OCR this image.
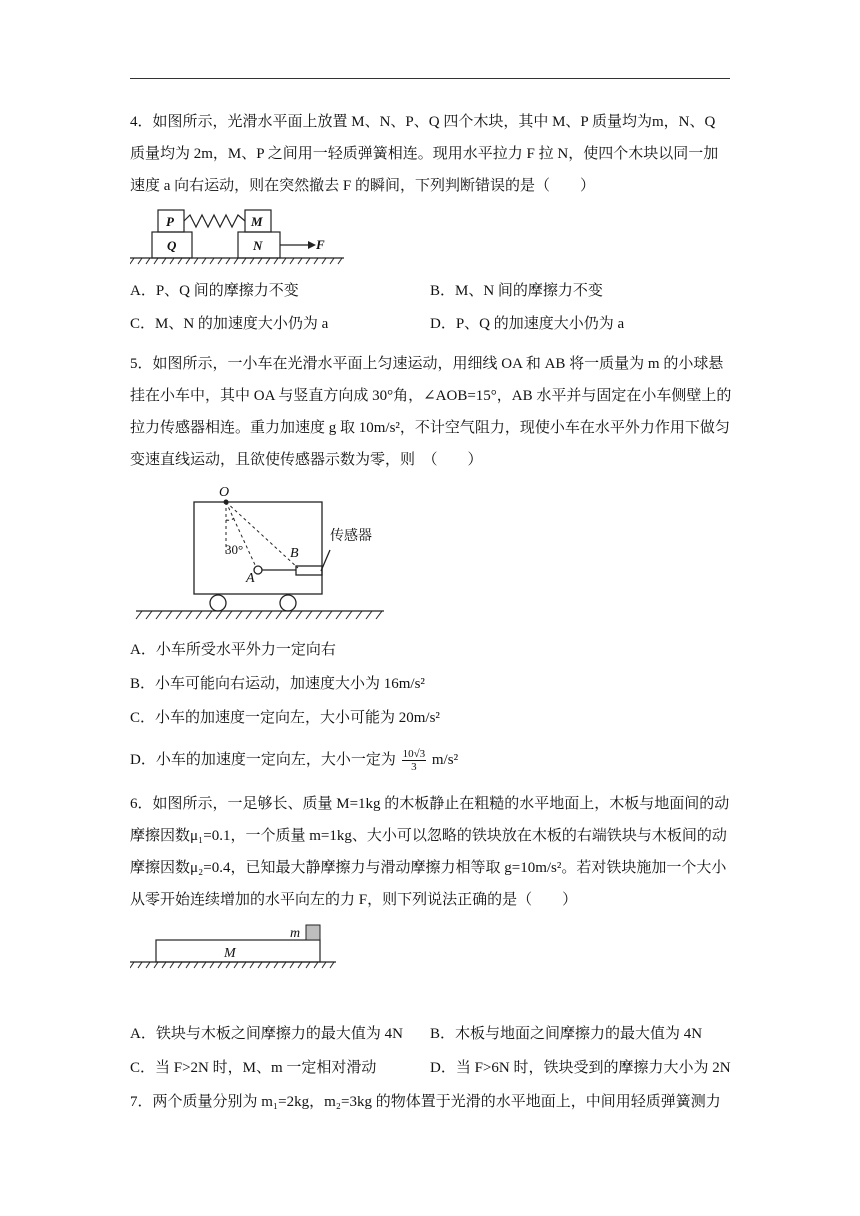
4．如图所示，光滑水平面上放置 M、N、P、Q 四个木块，其中 M、P 质量均为m，N、Q
质量均为 2m，M、P 之间用一轻质弹簧相连。现用水平拉力 F 拉 N，使四个木块以同一加
速度 a 向右运动，则在突然撤去 F 的瞬间，下列判断错误的是（　　）
P	M
Q	N	F
A．P、Q 间的摩擦力不变	B．M、N 间的摩擦力不变
C．M、N 的加速度大小仍为 a	D．P、Q 的加速度大小仍为 a
5．如图所示，一小车在光滑水平面上匀速运动，用细线 OA 和 AB 将一质量为 m 的小球悬
挂在小车中，其中 OA 与竖直方向成 30°角，∠AOB=15°，AB 水平并与固定在小车侧壁上的
拉力传感器相连。重力加速度 g 取 10m/s²，不计空气阻力，现使小车在水平外力作用下做匀
变速直线运动，且欲使传感器示数为零，则　（　　）
O
30°	B
A
传感器
A．小车所受水平外力一定向右
B．小车可能向右运动，加速度大小为 16m/s²
C．小车的加速度一定向左，大小可能为 20m/s²
D．小车的加速度一定向左，大小一定为 $\frac{10√3}{3} m/s^2$
6．如图所示，一足够长、质量 M=1kg 的木板静止在粗糙的水平地面上，木板与地面间的动
摩擦因数μ₁=0.1，一个质量 m=1kg、大小可以忽略的铁块放在木板的右端铁块与木板间的动
摩擦因数μ₂=0.4，已知最大静摩擦力与滑动摩擦力相等取 g=10m/s²。若对铁块施加一个大小
从零开始连续增加的水平向左的力 F，则下列说法正确的是（　　）
m
M
A．铁块与木板之间摩擦力的最大值为 4N B．木板与地面之间摩擦力的最大值为 4N
C．当 F>2N 时，M、m 一定相对滑动	D．当 F>6N 时，铁块受到的摩擦力大小为 2N
7．两个质量分别为 m₁=2kg，m₂=3kg 的物体置于光滑的水平地面上，中间用轻质弹簧测力
